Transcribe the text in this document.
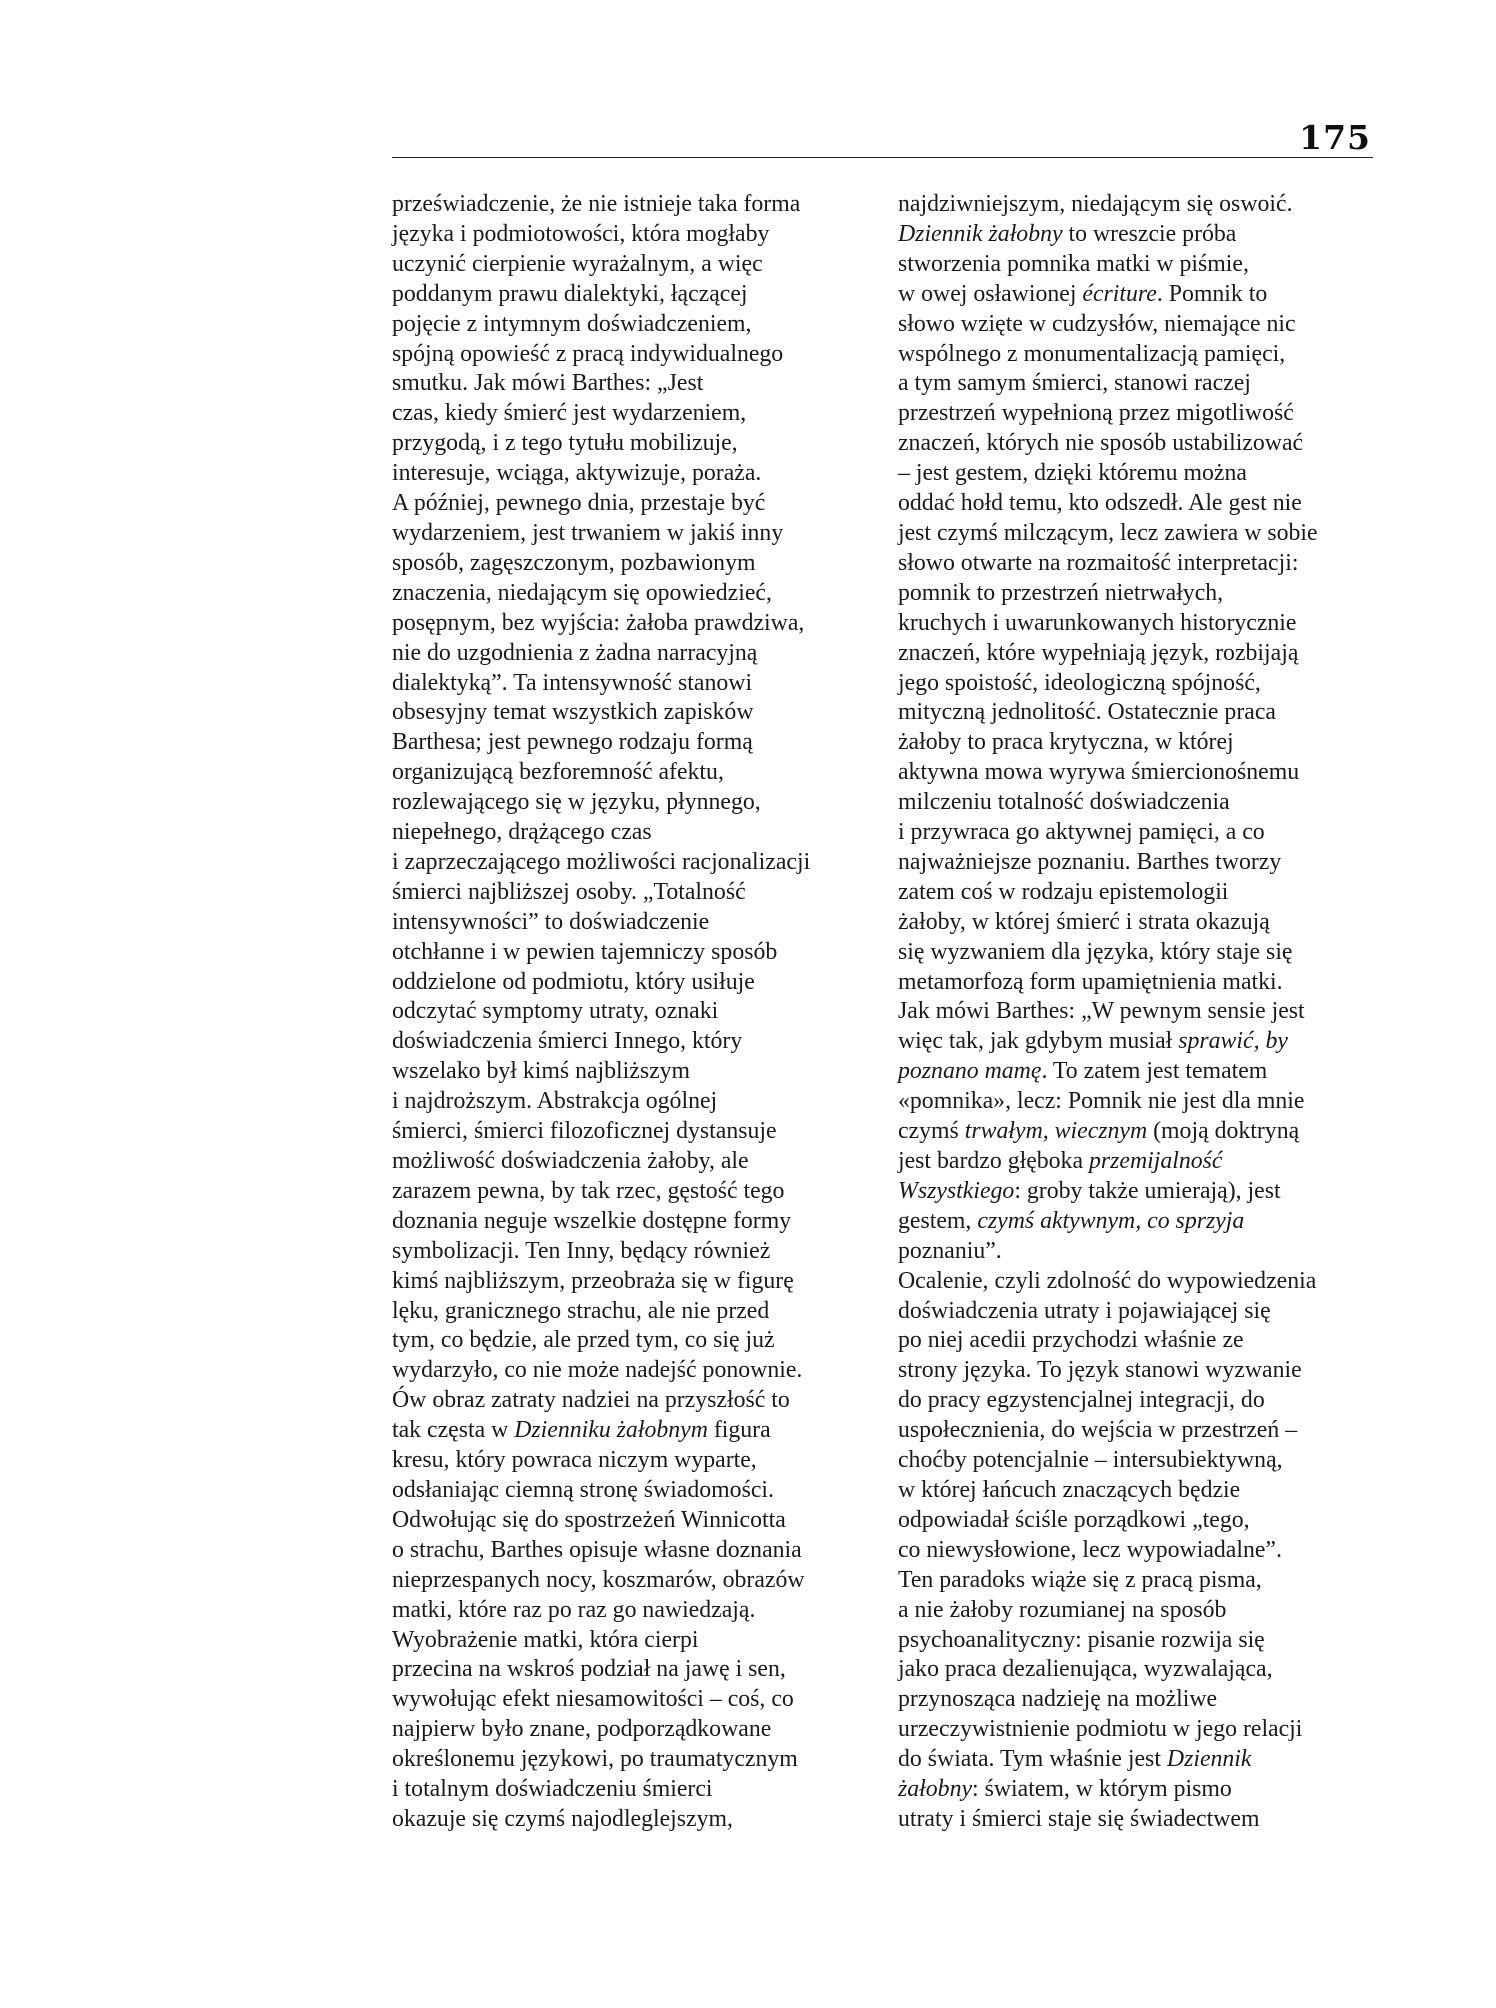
175
przeświadczenie, że nie istnieje taka forma
języka i podmiotowości, która mogłaby
uczynić cierpienie wyrażalnym, a więc
poddanym prawu dialektyki, łączącej
pojęcie z intymnym doświadczeniem,
spójną opowieść z pracą indywidualnego
smutku. Jak mówi Barthes: „Jest
czas, kiedy śmierć jest wydarzeniem,
przygodą, i z tego tytułu mobilizuje,
interesuje, wciąga, aktywizuje, poraża.
A później, pewnego dnia, przestaje być
wydarzeniem, jest trwaniem w jakiś inny
sposób, zagęszczonym, pozbawionym
znaczenia, niedającym się opowiedzieć,
posępnym, bez wyjścia: żałoba prawdziwa,
nie do uzgodnienia z żadna narracyjną
dialektyką”. Ta intensywność stanowi
obsesyjny temat wszystkich zapisków
Barthesa; jest pewnego rodzaju formą
organizującą bezforemność afektu,
rozlewającego się w języku, płynnego,
niepełnego, drążącego czas
i zaprzeczającego możliwości racjonalizacji
śmierci najbliższej osoby. „Totalność
intensywności” to doświadczenie
otchłanne i w pewien tajemniczy sposób
oddzielone od podmiotu, który usiłuje
odczytać symptomy utraty, oznaki
doświadczenia śmierci Innego, który
wszelako był kimś najbliższym
i najdroższym. Abstrakcja ogólnej
śmierci, śmierci filozoficznej dystansuje
możliwość doświadczenia żałoby, ale
zarazem pewna, by tak rzec, gęstość tego
doznania neguje wszelkie dostępne formy
symbolizacji. Ten Inny, będący również
kimś najbliższym, przeobraża się w figurę
lęku, granicznego strachu, ale nie przed
tym, co będzie, ale przed tym, co się już
wydarzyło, co nie może nadejść ponownie.
Ów obraz zatraty nadziei na przyszłość to
tak częsta w Dzienniku żałobnym figura
kresu, który powraca niczym wyparte,
odsłaniając ciemną stronę świadomości.
Odwołując się do spostrzeżeń Winnicotta
o strachu, Barthes opisuje własne doznania
nieprzespanych nocy, koszmarów, obrazów
matki, które raz po raz go nawiedzają.
Wyobrażenie matki, która cierpi
przecina na wskroś podział na jawę i sen,
wywołując efekt niesamowitości – coś, co
najpierw było znane, podporządkowane
określonemu językowi, po traumatycznym
i totalnym doświadczeniu śmierci
okazuje się czymś najodleglejszym,
najdziwniejszym, niedającym się oswoić.
Dziennik żałobny to wreszcie próba
stworzenia pomnika matki w piśmie,
w owej osławionej écriture. Pomnik to
słowo wzięte w cudzysłów, niemające nic
wspólnego z monumentalizacją pamięci,
a tym samym śmierci, stanowi raczej
przestrzeń wypełnioną przez migotliwość
znaczeń, których nie sposób ustabilizować
– jest gestem, dzięki któremu można
oddać hołd temu, kto odszedł. Ale gest nie
jest czymś milczącym, lecz zawiera w sobie
słowo otwarte na rozmaitość interpretacji:
pomnik to przestrzeń nietrwałych,
kruchych i uwarunkowanych historycznie
znaczeń, które wypełniają język, rozbijają
jego spoistość, ideologiczną spójność,
mityczną jednolitość. Ostatecznie praca
żałoby to praca krytyczna, w której
aktywna mowa wyrywa śmiercionośnemu
milczeniu totalność doświadczenia
i przywraca go aktywnej pamięci, a co
najważniejsze poznaniu. Barthes tworzy
zatem coś w rodzaju epistemologii
żałoby, w której śmierć i strata okazują
się wyzwaniem dla języka, który staje się
metamorfozą form upamiętnienia matki.
Jak mówi Barthes: „W pewnym sensie jest
więc tak, jak gdybym musiał sprawić, by
poznano mamę. To zatem jest tematem
«pomnika», lecz: Pomnik nie jest dla mnie
czymś trwałym, wiecznym (moją doktryną
jest bardzo głęboka przemijalność
Wszystkiego: groby także umierają), jest
gestem, czymś aktywnym, co sprzyja
poznaniu”.
Ocalenie, czyli zdolność do wypowiedzenia
doświadczenia utraty i pojawiającej się
po niej acedii przychodzi właśnie ze
strony języka. To język stanowi wyzwanie
do pracy egzystencjalnej integracji, do
uspołecznienia, do wejścia w przestrzeń –
choćby potencjalnie – intersubiektywną,
w której łańcuch znaczących będzie
odpowiadał ściśle porządkowi „tego,
co niewysłowione, lecz wypowiadalne”.
Ten paradoks wiąże się z pracą pisma,
a nie żałoby rozumianej na sposób
psychoanalityczny: pisanie rozwija się
jako praca dezalienująca, wyzwalająca,
przynosząca nadzieję na możliwe
urzeczywistnienie podmiotu w jego relacji
do świata. Tym właśnie jest Dziennik
żałobny: światem, w którym pismo
utraty i śmierci staje się świadectwem
